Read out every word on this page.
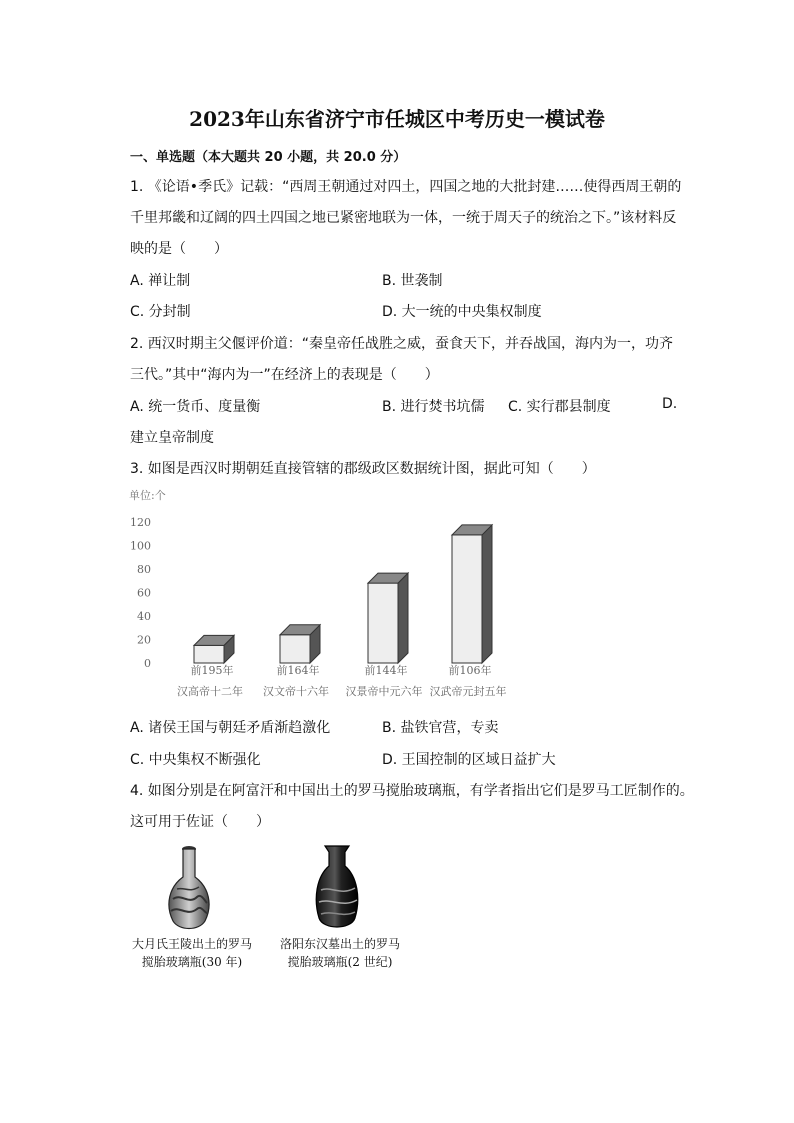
2023年山东省济宁市任城区中考历史一模试卷

一、单选题（本大题共 20 小题，共 20.0 分）

1. 《论语•季氏》记载：“西周王朝通过对四土，四国之地的大批封建……使得西周王朝的

千里邦畿和辽阔的四土四国之地已紧密地联为一体，一统于周天子的统治之下。”该材料反

映的是（　　）

A. 禅让制	B. 世袭制

C. 分封制	D. 大一统的中央集权制度

2. 西汉时期主父偃评价道：“秦皇帝任战胜之威，蚕食天下，并吞战国，海内为一，功齐

三代。”其中“海内为一”在经济上的表现是（　　）

A. 统一货币、度量衡	B. 进行焚书坑儒 C. 实行郡县制度	D.

建立皇帝制度

3. 如图是西汉时期朝廷直接管辖的郡级政区数据统计图，据此可知（　　）

单位:个
0
20
40
60
80
100
120
前195年
汉高帝十二年
前164年
汉文帝十六年
前144年
汉景帝中元六年
前106年
汉武帝元封五年

A. 诸侯王国与朝廷矛盾渐趋激化	B. 盐铁官营，专卖

C. 中央集权不断强化	D. 王国控制的区域日益扩大

4. 如图分别是在阿富汗和中国出土的罗马搅胎玻璃瓶，有学者指出它们是罗马工匠制作的。

这可用于佐证（　　）

大月氏王陵出土的罗马

搅胎玻璃瓶(30 年)

洛阳东汉墓出土的罗马

搅胎玻璃瓶(2 世纪)
